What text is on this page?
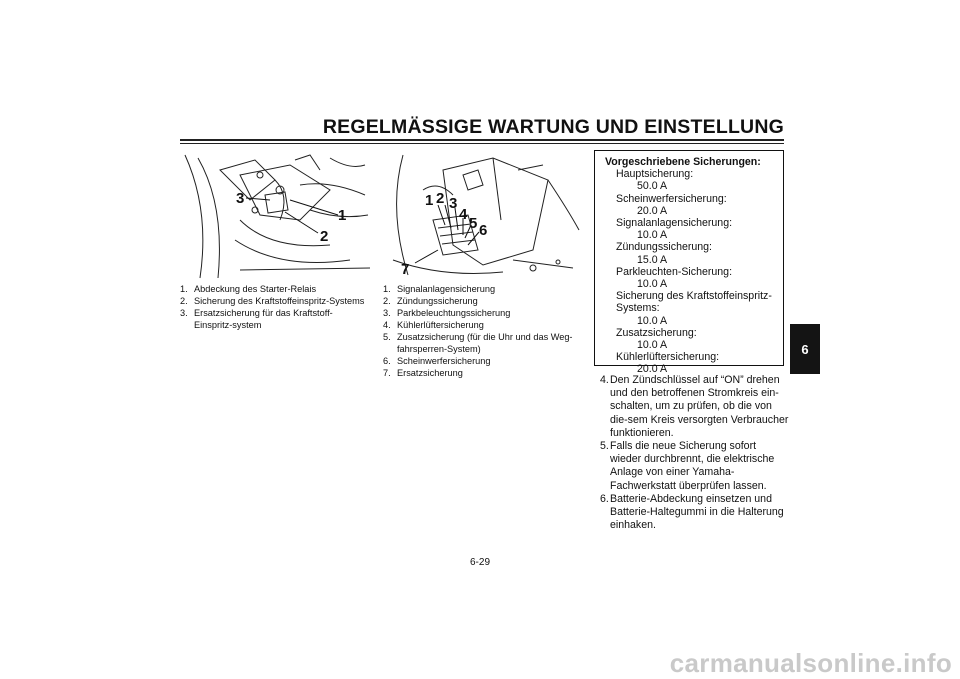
REGELMÄSSIGE WARTUNG UND EINSTELLUNG
3
1
2
1 2 3
4
5 6
7
1. Abdeckung des Starter-Relais
2. Sicherung des Kraftstoffeinspritz-Systems
3. Ersatzsicherung für das Kraftstoff-Einspritz-system
1. Signalanlagensicherung
2. Zündungssicherung
3. Parkbeleuchtungssicherung
4. Kühlerlüftersicherung
5. Zusatzsicherung (für die Uhr und das Weg-fahrsperren-System)
6. Scheinwerfersicherung
7. Ersatzsicherung
Vorgeschriebene Sicherungen:
Hauptsicherung:
50.0 A
Scheinwerfersicherung:
20.0 A
Signalanlagensicherung:
10.0 A
Zündungssicherung:
15.0 A
Parkleuchten-Sicherung:
10.0 A
Sicherung des Kraftstoffeinspritz-Systems:
10.0 A
Zusatzsicherung:
10.0 A
Kühlerlüftersicherung:
20.0 A
4. Den Zündschlüssel auf “ON” drehen und den betroffenen Stromkreis ein-schalten, um zu prüfen, ob die von die-sem Kreis versorgten Verbraucher funktionieren.
5. Falls die neue Sicherung sofort wieder durchbrennt, die elektrische Anlage von einer Yamaha-Fachwerkstatt überprüfen lassen.
6. Batterie-Abdeckung einsetzen und Batterie-Haltegummi in die Halterung einhaken.
6
6-29
carmanualsonline.info
